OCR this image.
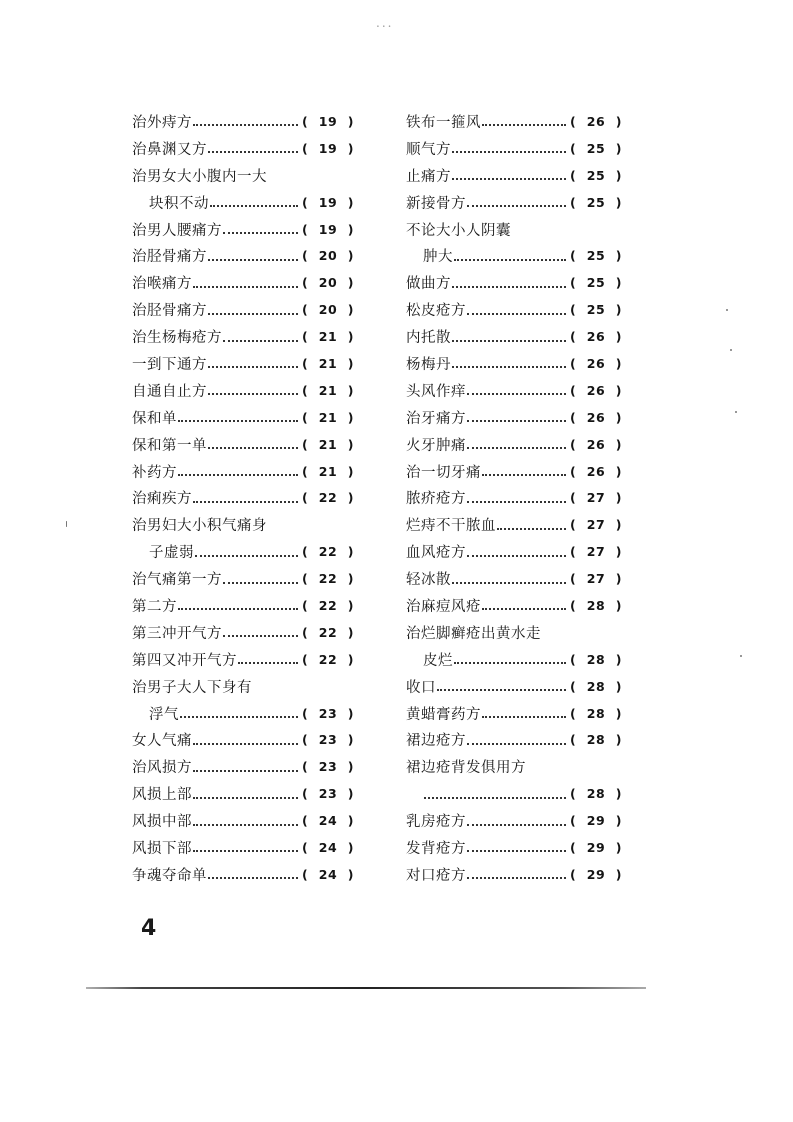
...
治外痔方	( 19 )
治鼻渊又方	( 19 )
治男女大小腹内一大
块积不动	( 19 )
治男人腰痛方	( 19 )
治胫骨痛方	( 20 )
治喉痛方	( 20 )
治胫骨痛方	( 20 )
治生杨梅疮方	( 21 )
一到下通方	( 21 )
自通自止方	( 21 )
保和单	( 21 )
保和第一单	( 21 )
补药方	( 21 )
治痢疾方	( 22 )
治男妇大小积气痛身
子虚弱	( 22 )
治气痛第一方	( 22 )
第二方	( 22 )
第三冲开气方	( 22 )
第四又冲开气方	( 22 )
治男子大人下身有
浮气	( 23 )
女人气痛	( 23 )
治风损方	( 23 )
风损上部	( 23 )
风损中部	( 24 )
风损下部	( 24 )
争魂夺命单	( 24 )
铁布一箍风	( 26 )
顺气方	( 25 )
止痛方	( 25 )
新接骨方	( 25 )
不论大小人阴囊
肿大	( 25 )
做曲方	( 25 )
松皮疮方	( 25 )
内托散	( 26 )
杨梅丹	( 26 )
头风作痒	( 26 )
治牙痛方	( 26 )
火牙肿痛	( 26 )
治一切牙痛	( 26 )
脓疥疮方	( 27 )
烂痔不干脓血	( 27 )
血风疮方	( 27 )
轻冰散	( 27 )
治麻痘风疮	( 28 )
治烂脚癣疮出黄水走
皮烂	( 28 )
收口	( 28 )
黄蜡膏药方	( 28 )
裙边疮方	( 28 )
裙边疮背发俱用方
( 28 )
乳房疮方	( 29 )
发背疮方	( 29 )
对口疮方	( 29 )
4
